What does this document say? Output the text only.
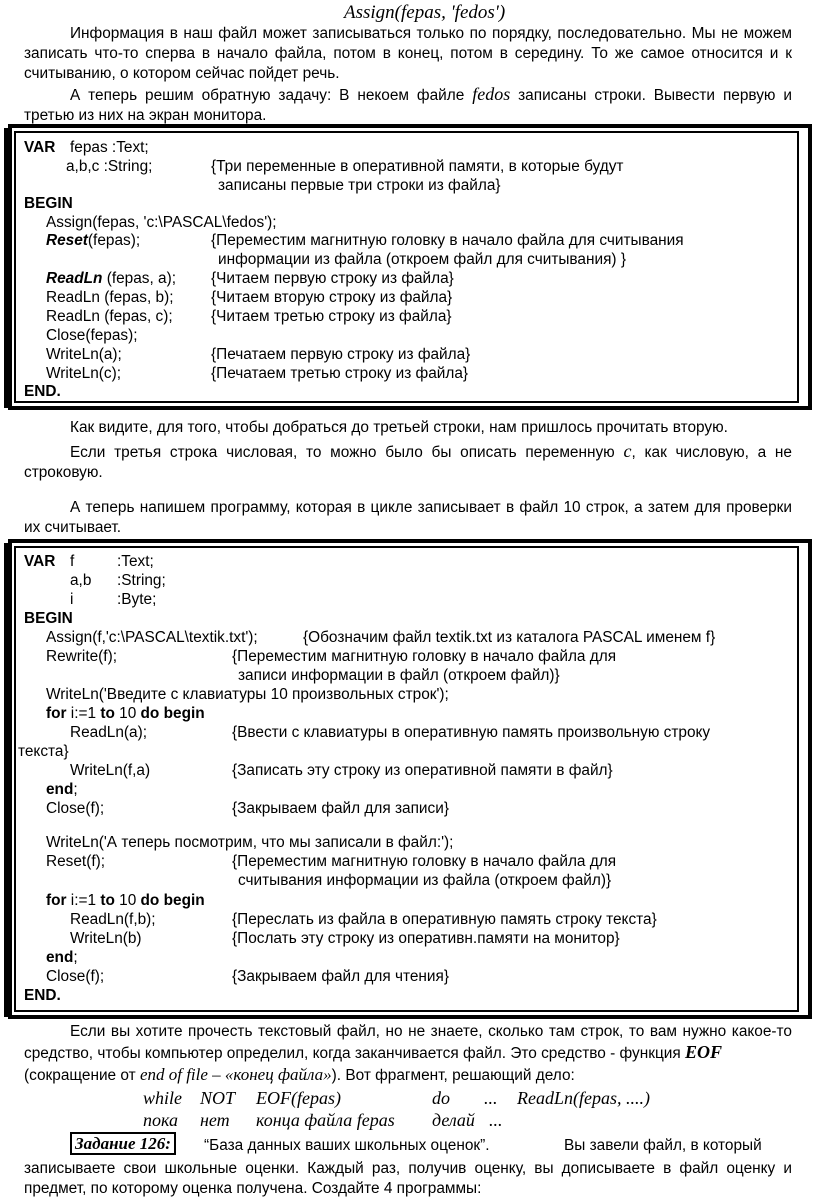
Assign(fepas, 'fedos')
Информация в наш файл может записываться только по порядку, последовательно. Мы не можем записать что-то сперва в начало файла, потом в конец, потом в середину. То же самое относится и к считыванию, о котором сейчас пойдет речь.
А теперь решим обратную задачу: В некоем файле fedos записаны строки. Вывести первую и третью из них на экран монитора.
VAR fepas :Text;
a,b,c :String;	{Три переменные в оперативной памяти, в которые будут
записаны первые три строки из файла}
BEGIN
Assign(fepas, 'c:\PASCAL\fedos');
Reset(fepas);	{Переместим магнитную головку в начало файла для считывания
информации из файла (откроем файл для считывания) }
ReadLn (fepas, a); {Читаем первую строку из файла}
ReadLn (fepas, b); {Читаем вторую строку из файла}
ReadLn (fepas, c); {Читаем третью строку из файла}
Close(fepas);
WriteLn(a);	{Печатаем первую строку из файла}
WriteLn(c);	{Печатаем третью строку из файла}
END.
Как видите, для того, чтобы добраться до третьей строки, нам пришлось прочитать вторую.
Если третья строка числовая, то можно было бы описать переменную c, как числовую, а не строковую.
А теперь напишем программу, которая в цикле записывает в файл 10 строк, а затем для проверки их считывает.
VAR f	:Text;
a,b :String;
i	:Byte;
BEGIN
Assign(f,'c:\PASCAL\textik.txt');	{Обозначим файл textik.txt из каталога PASCAL именем f}
Rewrite(f);	{Переместим магнитную головку в начало файла для
записи информации в файл (откроем файл)}
WriteLn('Введите с клавиатуры 10 произвольных строк');
for i:=1 to 10 do begin
ReadLn(a);	{Ввести с клавиатуры в оперативную память произвольную строку
текста}
WriteLn(f,a)	{Записать эту строку из оперативной памяти в файл}
end;
Close(f);	{Закрываем файл для записи}
WriteLn('А теперь посмотрим, что мы записали в файл:');
Reset(f);	{Переместим магнитную головку в начало файла для
считывания информации из файла (откроем файл)}
for i:=1 to 10 do begin
ReadLn(f,b);	{Переслать из файла в оперативную память строку текста}
WriteLn(b)	{Послать эту строку из оперативн.памяти на монитор}
end;
Close(f);	{Закрываем файл для чтения}
END.
Если вы хотите прочесть текстовый файл, но не знаете, сколько там строк, то вам нужно какое-то средство, чтобы компьютер определил, когда заканчивается файл. Это средство - функция EOF
(сокращение от end of file – «конец файла»). Вот фрагмент, решающий дело:
while NOT EOF(fepas)	do ... ReadLn(fepas, ....)
пока нет конца файла fepas делай ...
Задание 126:	“База данных ваших школьных оценок”.	Вы завели файл, в который
записываете свои школьные оценки. Каждый раз, получив оценку, вы дописываете в файл оценку и предмет, по которому оценка получена. Создайте 4 программы:
